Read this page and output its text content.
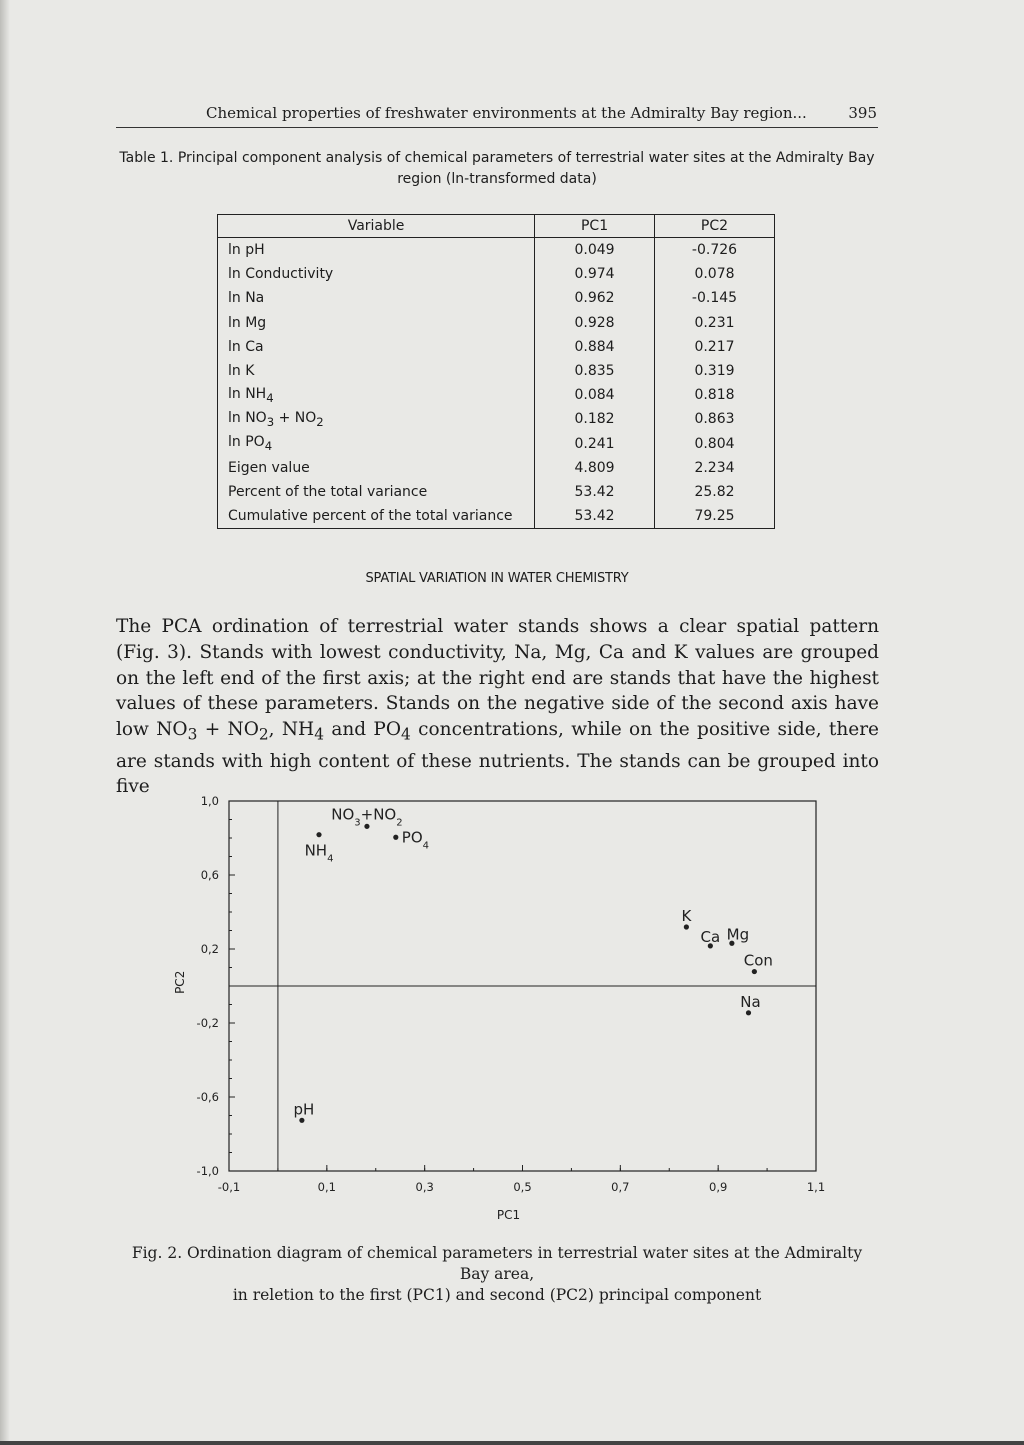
Chemical properties of freshwater environments at the Admiralty Bay region...	395
Table 1. Principal component analysis of chemical parameters of terrestrial water sites at the Admiralty Bay
region (ln-transformed data)
Variable	PC1	PC2
ln pH	0.049	-0.726
ln Conductivity	0.974	0.078
ln Na	0.962	-0.145
ln Mg	0.928	0.231
ln Ca	0.884	0.217
ln K	0.835	0.319
$\ln NH_4$	0.084	0.818
$\ln NO_3 + NO_2$	0.182	0.863
$\ln PO_4$	0.241	0.804
Eigen value	4.809	2.234
Percent of the total variance	53.42	25.82
Cumulative percent of the total variance	53.42	79.25
SPATIAL VARIATION IN WATER CHEMISTRY
The PCA ordination of terrestrial water stands shows a clear spatial pattern (Fig. 3). Stands with lowest conductivity, Na, Mg, Ca and K values are grouped on the left end of the first axis; at the right end are stands that have the highest values of these parameters. Stands on the negative side of the second axis have low $NO_3 + NO_2$, $NH_4$ and $PO_4$ concentrations, while on the positive side, there are stands with high content of these nutrients. The stands can be grouped into five
-0,1	0,1	0,3	0,5	0,7	0,9	1,1
1,0
0,6
0,2
-0,2
-0,6
-1,0
PC1
PC2
pH
Con
Na
Mg
Ca
K
$NH_4$
$NO_3+NO_2$
$PO_4$
Fig. 2. Ordination diagram of chemical parameters in terrestrial water sites at the Admiralty Bay area,
in reletion to the first (PC1) and second (PC2) principal component
